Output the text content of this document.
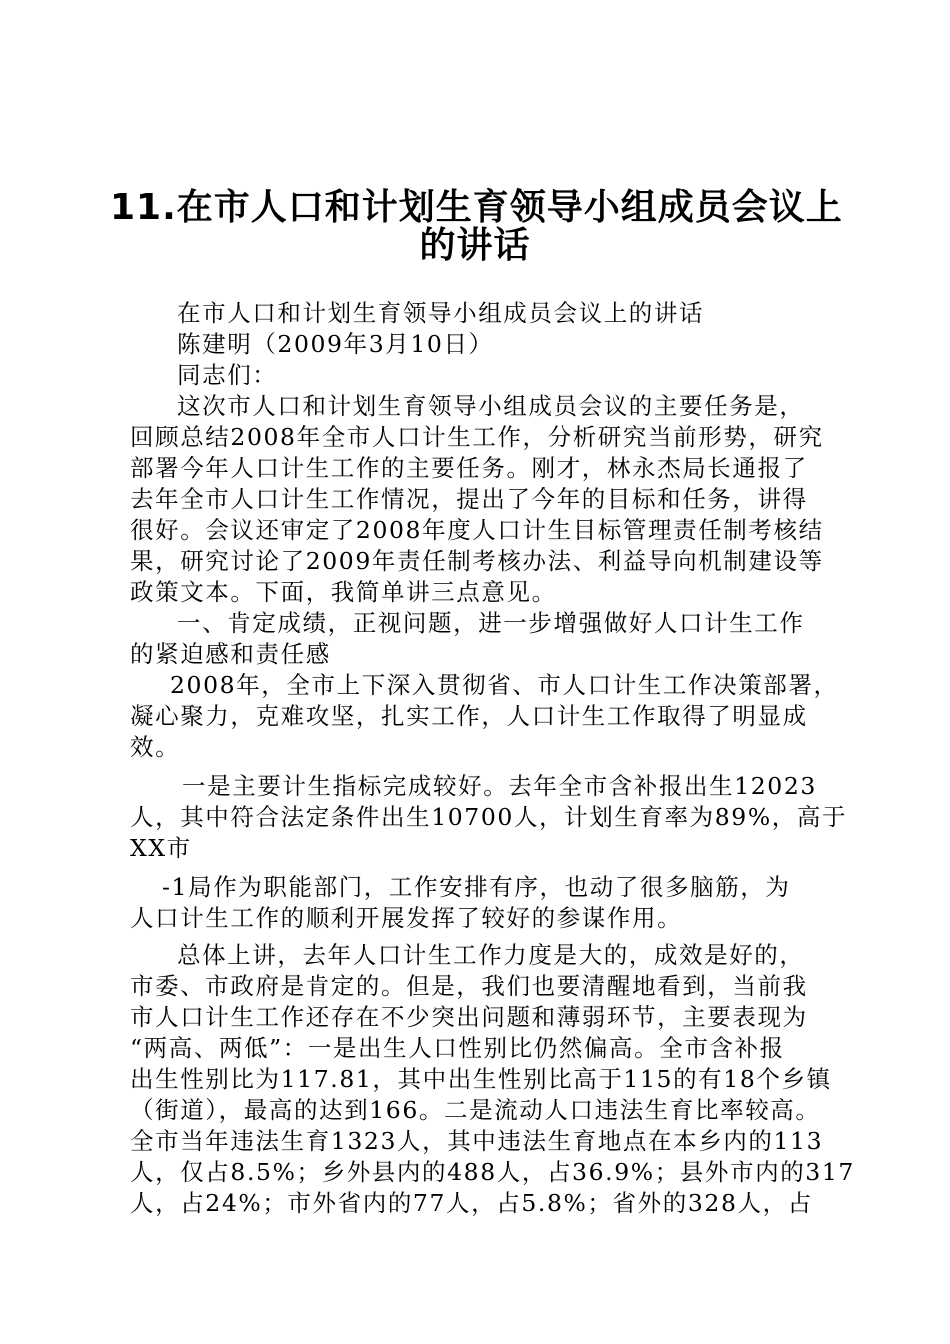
11.在市人口和计划生育领导小组成员会议上
的讲话
在市人口和计划生育领导小组成员会议上的讲话
陈建明（2009年3月10日）
同志们：
这次市人口和计划生育领导小组成员会议的主要任务是，
回顾总结2008年全市人口计生工作，分析研究当前形势，研究
部署今年人口计生工作的主要任务。刚才，林永杰局长通报了
去年全市人口计生工作情况，提出了今年的目标和任务，讲得
很好。会议还审定了2008年度人口计生目标管理责任制考核结
果，研究讨论了2009年责任制考核办法、利益导向机制建设等
政策文本。下面，我简单讲三点意见。
一、肯定成绩，正视问题，进一步增强做好人口计生工作
的紧迫感和责任感
2008年，全市上下深入贯彻省、市人口计生工作决策部署，
凝心聚力，克难攻坚，扎实工作，人口计生工作取得了明显成
效。
一是主要计生指标完成较好。去年全市含补报出生12023
人，其中符合法定条件出生10700人，计划生育率为89%，高于
XX市
-1局作为职能部门，工作安排有序，也动了很多脑筋，为
人口计生工作的顺利开展发挥了较好的参谋作用。
总体上讲，去年人口计生工作力度是大的，成效是好的，
市委、市政府是肯定的。但是，我们也要清醒地看到，当前我
市人口计生工作还存在不少突出问题和薄弱环节，主要表现为
“两高、两低”：一是出生人口性别比仍然偏高。全市含补报
出生性别比为117.81，其中出生性别比高于115的有18个乡镇
（街道），最高的达到166。二是流动人口违法生育比率较高。
全市当年违法生育1323人，其中违法生育地点在本乡内的113
人，仅占8.5%；乡外县内的488人，占36.9%；县外市内的317
人，占24%；市外省内的77人，占5.8%；省外的328人，占
